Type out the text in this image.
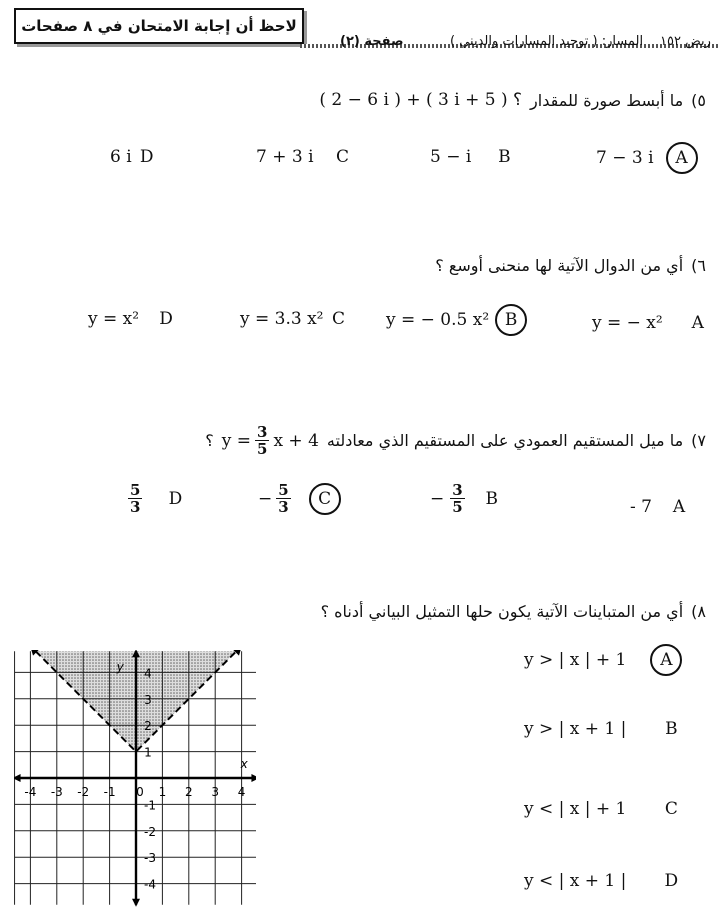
لاحظ أن إجابة الامتحان في ٨ صفحات
صفحة (٢)	المسار: ( توحيد المسارات والديني ) ريض ١٥٢
٥)
ما أبسط صورة للمقدار
( 2 − 6 i ) + ( 3 i + 5 ) ؟
6 i D	7 + 3 i	C	5 − i	B	7 − 3 i	A
٦)
أي من الدوال الآتية لها منحنى أوسع ؟
y = x²	D	y = 3.3 x² C	y = − 0.5 x² B	y = − x²	A
٧)
ما ميل المستقيم العمودي على المستقيم الذي معادلته
$y = \frac{3}{5}$ x + 4
؟
$\frac{5}{3}$	D	− $\frac{5}{3}$	C	− $\frac{3}{5}$	B	- 7	A
٨)
أي من المتباينات الآتية يكون حلها التمثيل البياني أدناه ؟
y > | x | + 1	A
y > | x + 1 |	B
y < | x | + 1	C
y < | x + 1 |	D
-4 -3 -2 -1 0 1 2 3 4
4
3
2
1
-1
-2
-3
-4
x
y
